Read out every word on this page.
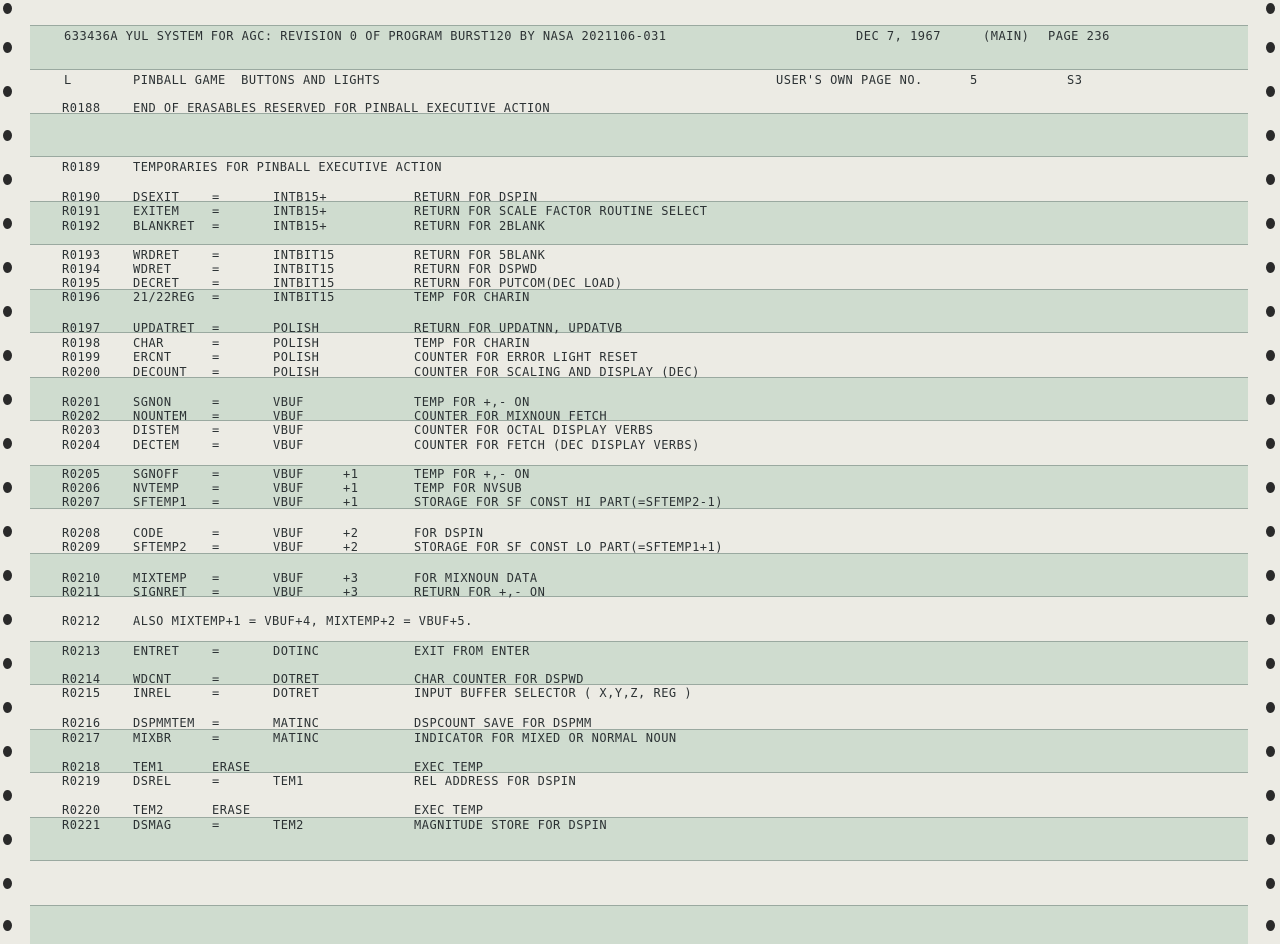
633436A YUL SYSTEM FOR AGC: REVISION 0 OF PROGRAM BURST120 BY NASA 2021106-031	DEC 7, 1967	(MAIN) PAGE 236
L	PINBALL GAME  BUTTONS AND LIGHTS	USER'S OWN PAGE NO.	5	S3
R0188	END OF ERASABLES RESERVED FOR PINBALL EXECUTIVE ACTION
R0189	TEMPORARIES FOR PINBALL EXECUTIVE ACTION
R0190	DSEXIT	=	INTB15+	RETURN FOR DSPIN
R0191	EXITEM	=	INTB15+	RETURN FOR SCALE FACTOR ROUTINE SELECT
R0192	BLANKRET =	INTB15+	RETURN FOR 2BLANK
R0193	WRDRET	=	INTBIT15	RETURN FOR 5BLANK
R0194	WDRET	=	INTBIT15	RETURN FOR DSPWD
R0195	DECRET	=	INTBIT15	RETURN FOR PUTCOM(DEC LOAD)
R0196	21/22REG =	INTBIT15	TEMP FOR CHARIN
R0197	UPDATRET =	POLISH	RETURN FOR UPDATNN, UPDATVB
R0198	CHAR	=	POLISH	TEMP FOR CHARIN
R0199	ERCNT	=	POLISH	COUNTER FOR ERROR LIGHT RESET
R0200	DECOUNT =	POLISH	COUNTER FOR SCALING AND DISPLAY (DEC)
R0201	SGNON	=	VBUF	TEMP FOR +,- ON
R0202	NOUNTEM =	VBUF	COUNTER FOR MIXNOUN FETCH
R0203	DISTEM	=	VBUF	COUNTER FOR OCTAL DISPLAY VERBS
R0204	DECTEM	=	VBUF	COUNTER FOR FETCH (DEC DISPLAY VERBS)
R0205	SGNOFF	=	VBUF	+1	TEMP FOR +,- ON
R0206	NVTEMP	=	VBUF	+1	TEMP FOR NVSUB
R0207	SFTEMP1 =	VBUF	+1	STORAGE FOR SF CONST HI PART(=SFTEMP2-1)
R0208	CODE	=	VBUF	+2	FOR DSPIN
R0209	SFTEMP2 =	VBUF	+2	STORAGE FOR SF CONST LO PART(=SFTEMP1+1)
R0210	MIXTEMP =	VBUF	+3	FOR MIXNOUN DATA
R0211	SIGNRET =	VBUF	+3	RETURN FOR +,- ON
R0212	ALSO MIXTEMP+1 = VBUF+4, MIXTEMP+2 = VBUF+5.
R0213	ENTRET	=	DOTINC	EXIT FROM ENTER
R0214	WDCNT	=	DOTRET	CHAR COUNTER FOR DSPWD
R0215	INREL	=	DOTRET	INPUT BUFFER SELECTOR ( X,Y,Z, REG )
R0216	DSPMMTEM =	MATINC	DSPCOUNT SAVE FOR DSPMM
R0217	MIXBR	=	MATINC	INDICATOR FOR MIXED OR NORMAL NOUN
R0218	TEM1	ERASE	EXEC TEMP
R0219	DSREL	=	TEM1	REL ADDRESS FOR DSPIN
R0220	TEM2	ERASE	EXEC TEMP
R0221	DSMAG	=	TEM2	MAGNITUDE STORE FOR DSPIN
